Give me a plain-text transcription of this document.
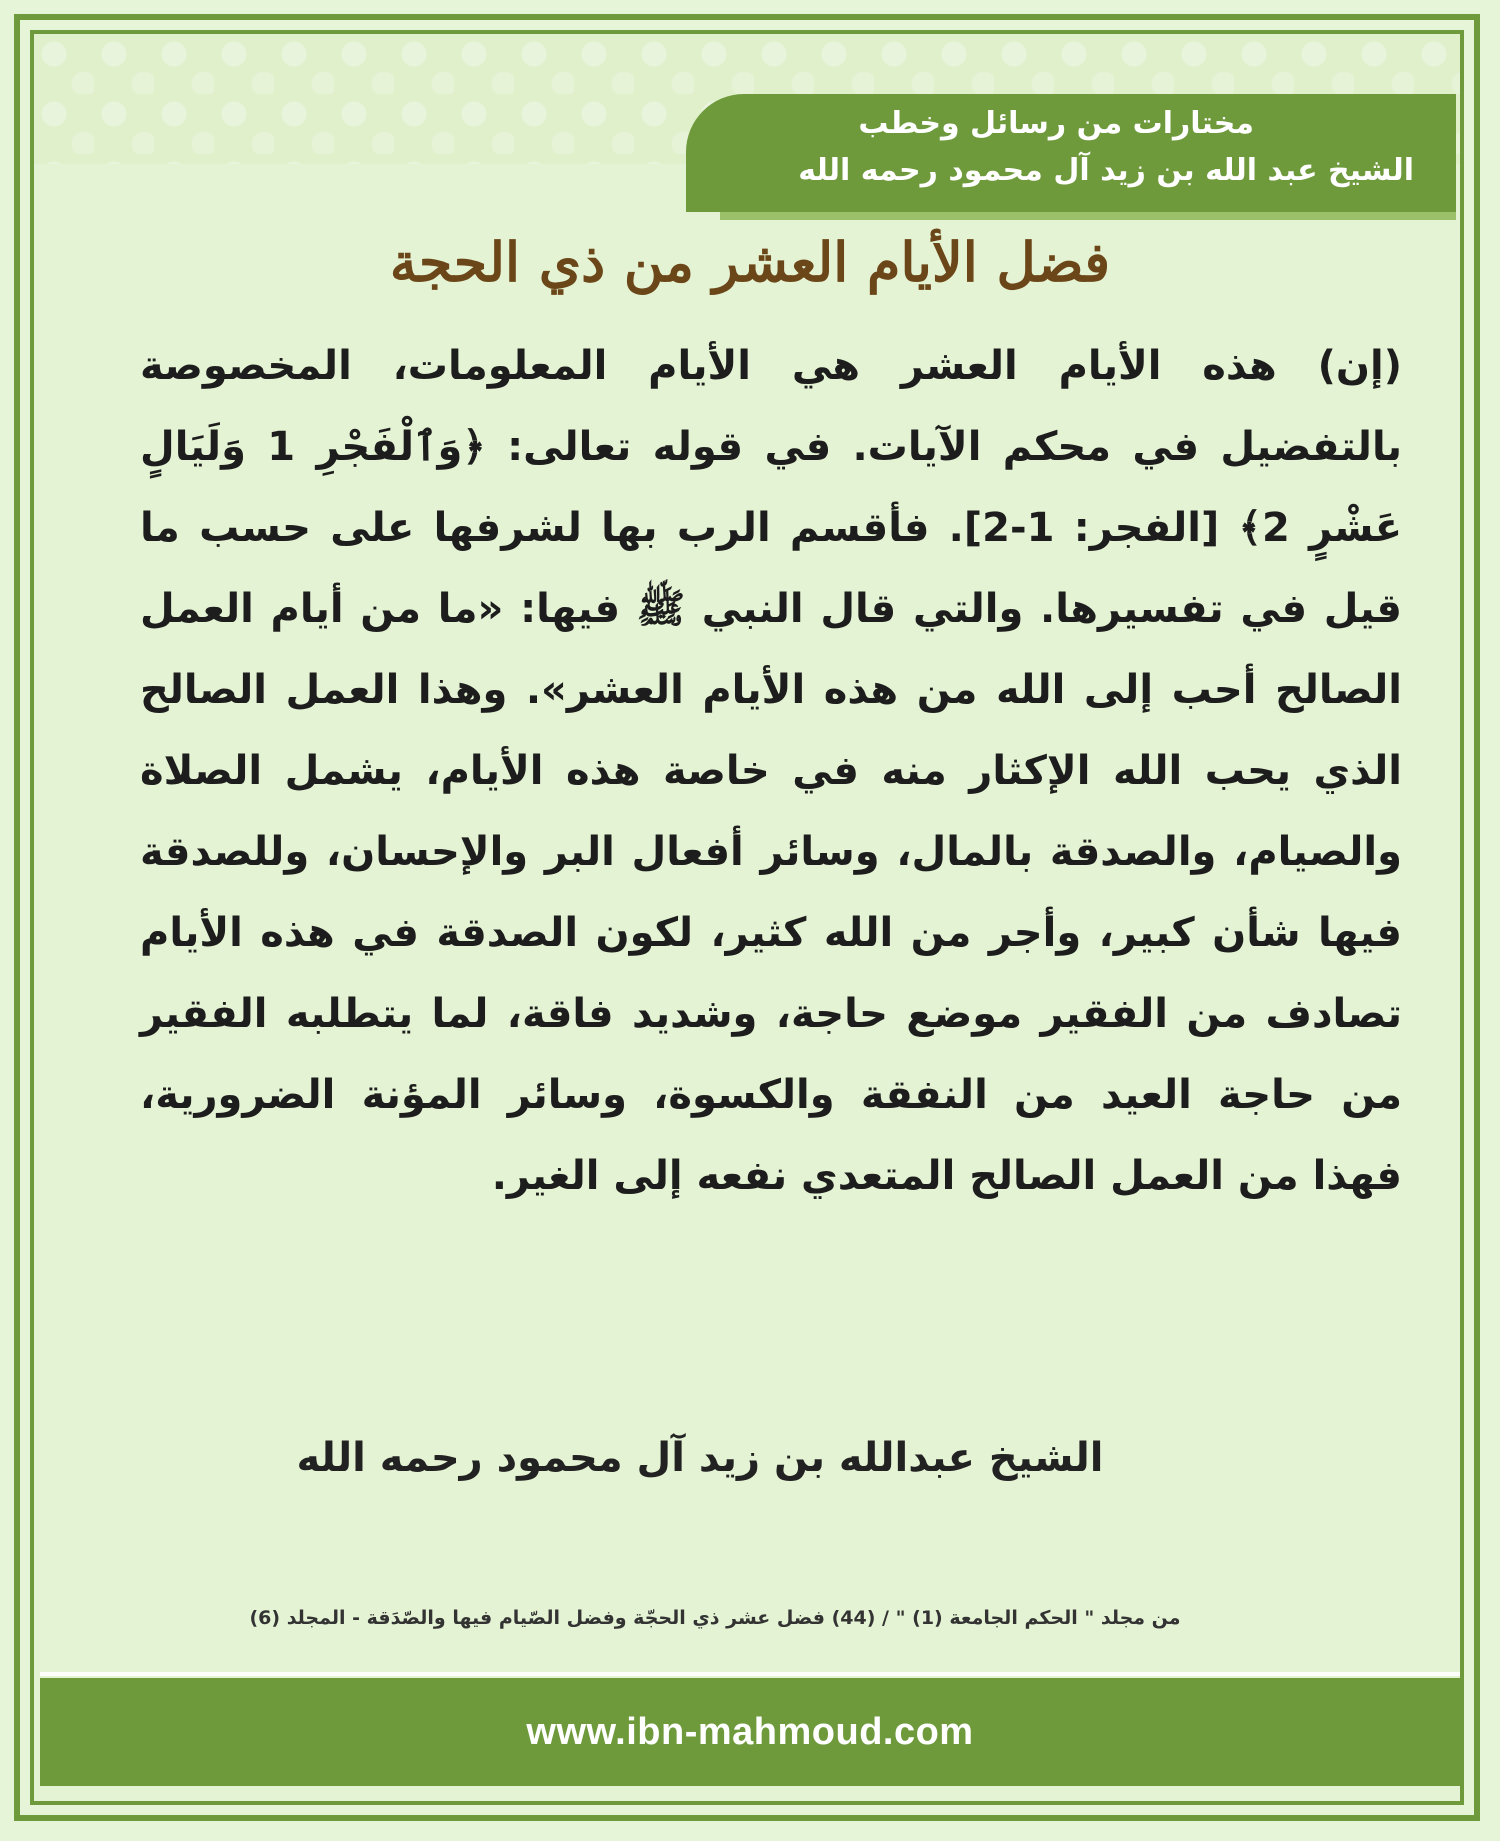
مختارات من رسائل وخطب
الشيخ عبد الله بن زيد آل محمود رحمه الله
فضل الأيام العشر من ذي الحجة

(إن) هذه الأيام العشر هي الأيام المعلومات، المخصوصة بالتفضيل في محكم الآيات. في قوله تعالى: ﴿وَٱلْفَجْرِ 1 وَلَيَالٍ عَشْرٍ 2﴾ [الفجر: 1-2]. فأقسم الرب بها لشرفها على حسب ما قيل في تفسيرها. والتي قال النبي ﷺ فيها: «ما من أيام العمل الصالح أحب إلى الله من هذه الأيام العشر». وهذا العمل الصالح الذي يحب الله الإكثار منه في خاصة هذه الأيام، يشمل الصلاة والصيام، والصدقة بالمال، وسائر أفعال البر والإحسان، وللصدقة فيها شأن كبير، وأجر من الله كثير، لكون الصدقة في هذه الأيام تصادف من الفقير موضع حاجة، وشديد فاقة، لما يتطلبه الفقير من حاجة العيد من النفقة والكسوة، وسائر المؤنة الضرورية، فهذا من العمل الصالح المتعدي نفعه إلى الغير.

الشيخ عبدالله بن زيد آل محمود رحمه الله
من مجلد " الحكم الجامعة (1) " / (44) فضل عشر ذي الحجّة وفضل الصّيام فيها والصّدَقة - المجلد (6)
www.ibn-mahmoud.com
